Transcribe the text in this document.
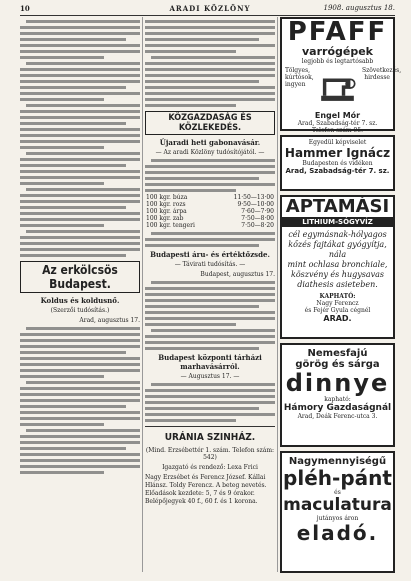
10	ARADI KÖZLÖNY	1908. augusztus 18.
Az erkölcsös Budapest.
Koldus és koldusnő.
(Szerzői tudósítás.)
Arad, augusztus 17.
KÖZGAZDASÁG ÉS KÖZLEKEDÉS.
Újaradi heti gabonavásár.
— Az aradi Közlöny tudósítójától. —
100 kgr. búza	11·50—13·00
100 kgr. rozs	9·50—10·00
100 kgr. árpa	7·60—7·90
100 kgr. zab	7·50—8·00
100 kgr. tengeri	7·50—8·20
Budapesti áru- és értéktőzsde.
— Távirati tudósítás. —
Budapest, augusztus 17.
Budapest központi tárházi marhavásárról.
— Augusztus 17. —
URÁNIA SZINHÁZ.
(Mind. Erzsébettér 1. szám. Telefon szám: 542)
Igazgató és rendező: Lexa Frici
Nagy Erzsébet és Ferencz József. Kállai Hlánsz. Toldy Ferencz. A beteg nevetés.
Előadások kezdete: 5, 7 és 9 órakor. Belépőjegyek 40 f., 60 f. és 1 korona.
PFAFF
varrógépek
legjobb és legtartósabb
Tölgyes, kúrtósok, ingyen
Szövetkezés, hirdesse
Engel Mór
Arad, Szabadság-tér 7. sz.
Telefon szám 95.
Egyedül képviselet
Hammer Ignácz
Budapesten és vidéken
Arad, Szabadság-tér 7. sz.
APTAMÁSI
LITHIUM-SÓGYVÍZ
cél egymásnak-hólyagos
kőzés fajtákat gyógyítja, nála
mint ochlasa bronchiale,
köszvény és hugysavas
diathesis asieteben.
KAPHATÓ:
Nagy Ferencz
és Fejér Gyula cégnél
ARAD.
Nemesfajú
görög és sárga
dinnye
kapható:
Hámory Gazdaságnál
Arad, Deák Ferenc-utca 3.
Nagymennyiségű
pléh-pánt
és
maculatura
jutányos áron
eladó.
